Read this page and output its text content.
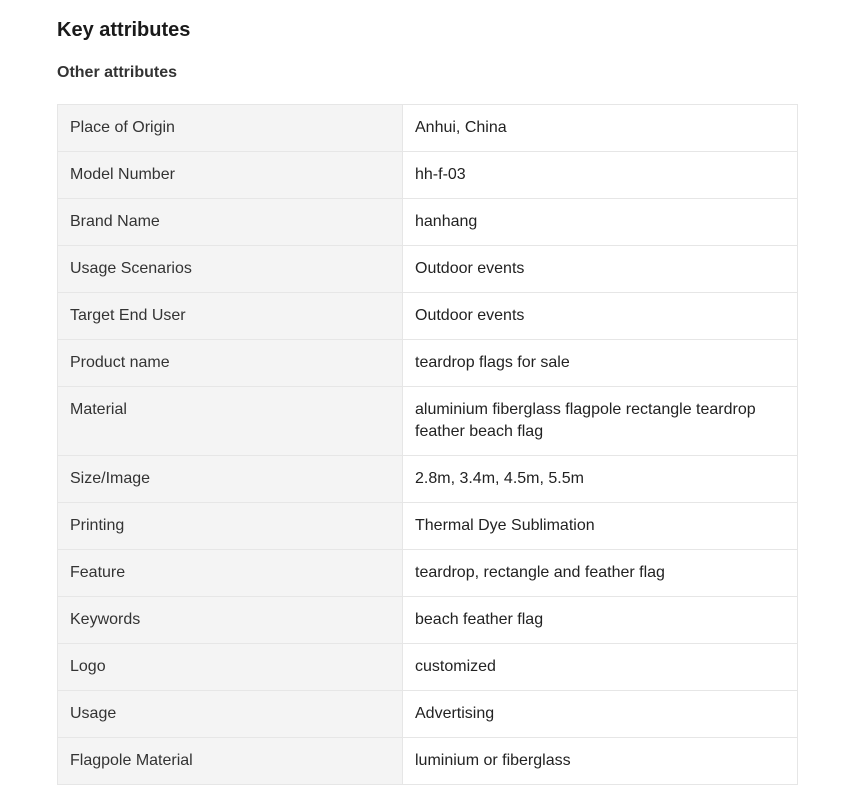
Key attributes
Other attributes
Place of Origin	Anhui, China
Model Number	hh-f-03
Brand Name	hanhang
Usage Scenarios	Outdoor events
Target End User	Outdoor events
Product name	teardrop flags for sale
Material	aluminium fiberglass flagpole rectangle teardrop feather beach flag
Size/Image	2.8m, 3.4m, 4.5m, 5.5m
Printing	Thermal Dye Sublimation
Feature	teardrop, rectangle and feather flag
Keywords	beach feather flag
Logo	customized
Usage	Advertising
Flagpole Material	luminium or fiberglass
